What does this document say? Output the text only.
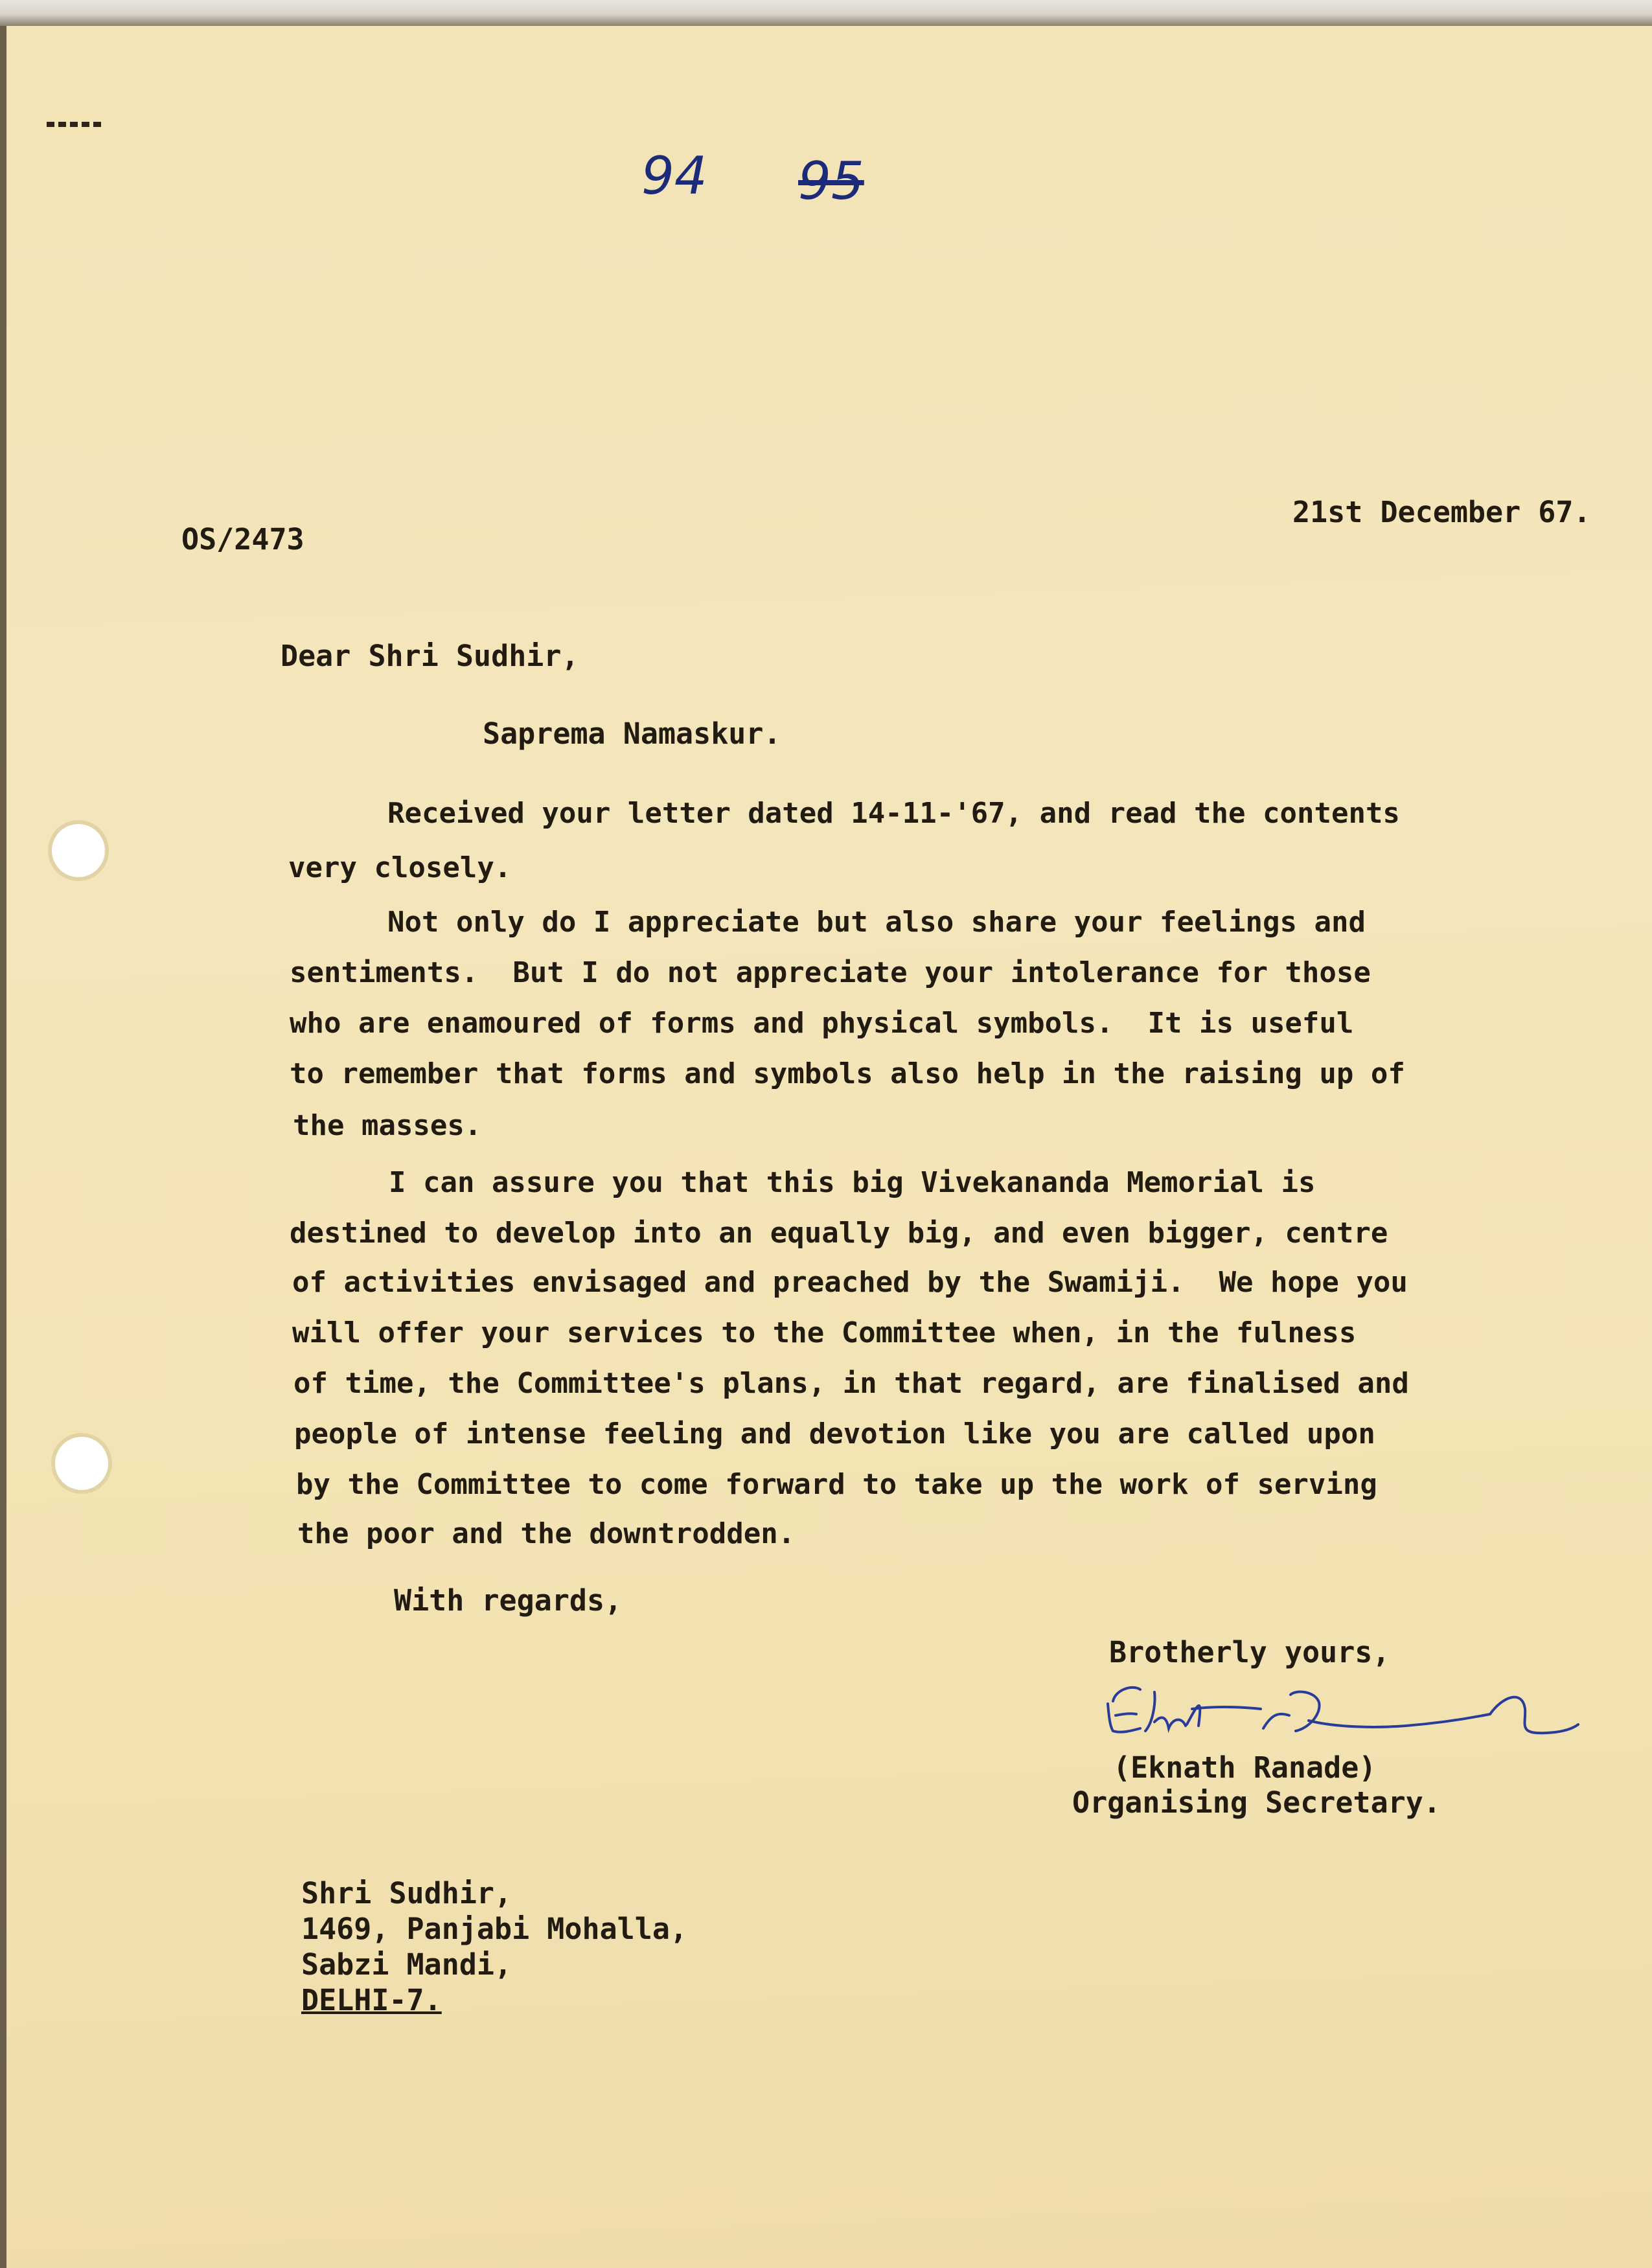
94 95
OS/2473
21st December 67.
Dear Shri Sudhir,
Saprema Namaskur.
Received your letter dated 14-11-'67, and read the contents
very closely.
Not only do I appreciate but also share your feelings and
sentiments.  But I do not appreciate your intolerance for those
who are enamoured of forms and physical symbols.  It is useful
to remember that forms and symbols also help in the raising up of
the masses.
I can assure you that this big Vivekananda Memorial is
destined to develop into an equally big, and even bigger, centre
of activities envisaged and preached by the Swamiji.  We hope you
will offer your services to the Committee when, in the fulness
of time, the Committee's plans, in that regard, are finalised and
people of intense feeling and devotion like you are called upon
by the Committee to come forward to take up the work of serving
the poor and the downtrodden.
With regards,
Brotherly yours,
(Eknath Ranade)
Organising Secretary.
Shri Sudhir,
1469, Panjabi Mohalla,
Sabzi Mandi,
DELHI-7.
